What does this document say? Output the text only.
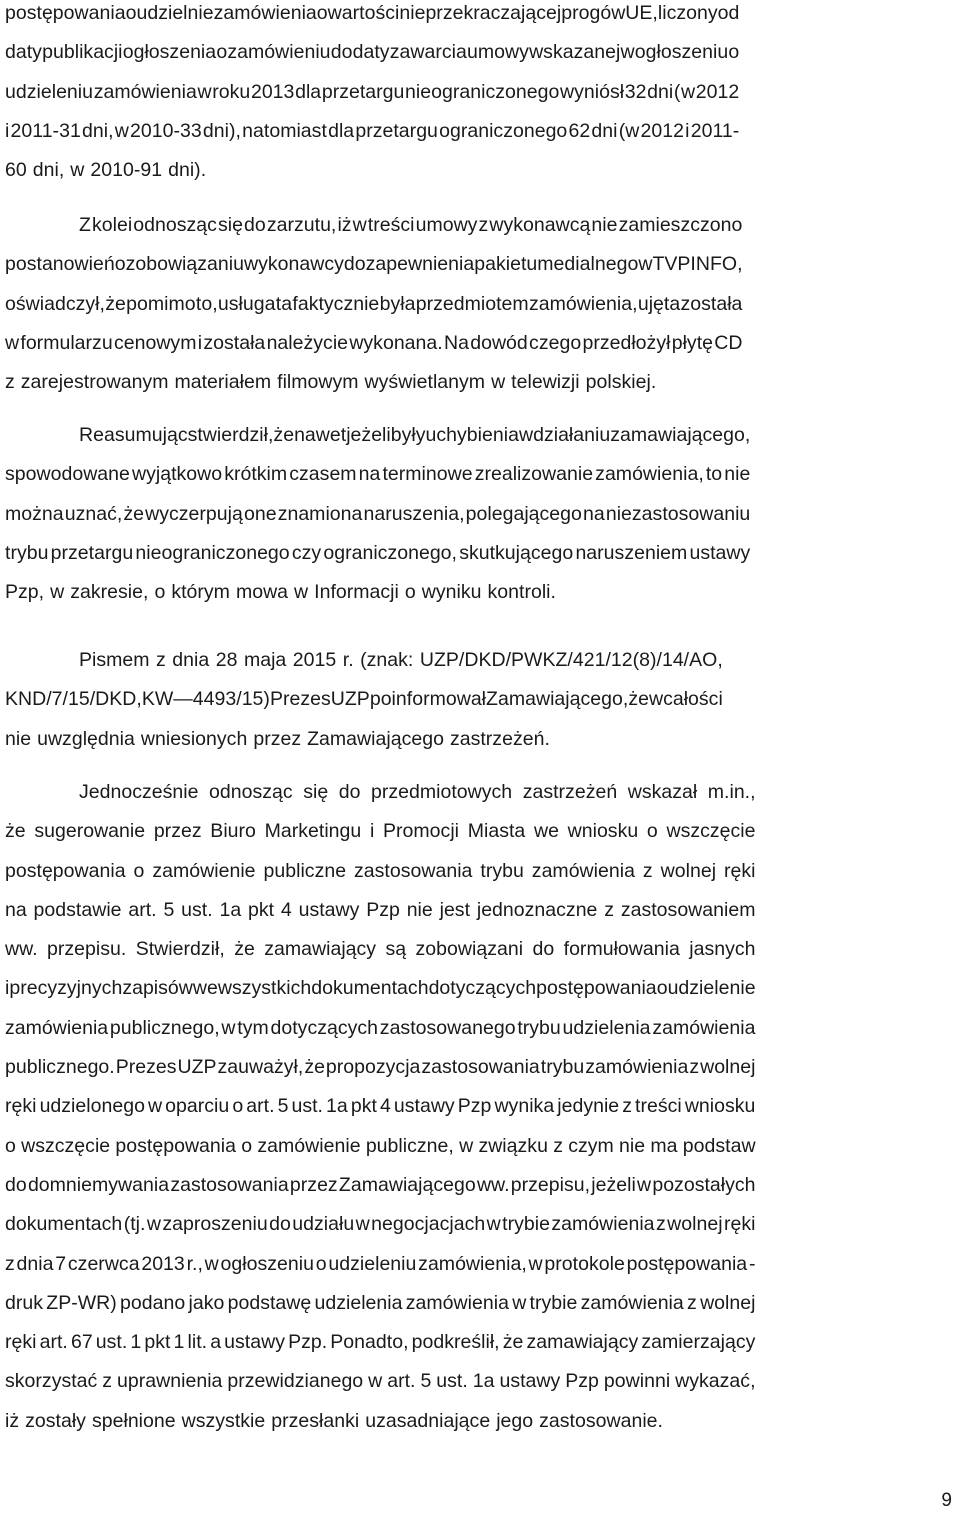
postępowania o udzielnie zamówienia o wartości nieprzekraczającej progów UE, liczony od
daty publikacji ogłoszenia o zamówieniu do daty zawarcia umowy wskazanej w ogłoszeniu o
udzieleniu zamówienia w roku 2013 dla przetargu nieograniczonego wyniósł 32 dni ( w 2012
i 2011-31 dni, w 2010-33 dni), natomiast dla przetargu ograniczonego 62 dni (w 2012 i 2011-
60 dni, w 2010-91 dni).
Z kolei odnosząc się do zarzutu, iż w treści umowy z wykonawcą nie zamieszczono
postanowień o zobowiązaniu wykonawcy do zapewnienia pakietu medialnego w TVP INFO,
oświadczył, że pomimo to, usługa ta faktycznie była przedmiotem zamówienia, ujęta została
w formularzu cenowym i została należycie wykonana. Na dowód czego przedłożył płytę CD
z zarejestrowanym materiałem filmowym wyświetlanym w telewizji polskiej.
Reasumując stwierdził, że nawet jeżeli były uchybienia w działaniu zamawiającego,
spowodowane wyjątkowo krótkim czasem na terminowe zrealizowanie zamówienia, to nie
można uznać, że wyczerpują one znamiona naruszenia, polegającego na niezastosowaniu
trybu przetargu nieograniczonego czy ograniczonego, skutkującego naruszeniem ustawy
Pzp, w zakresie, o którym mowa w Informacji o wyniku kontroli.
Pismem z dnia 28 maja 2015 r. (znak: UZP/DKD/PWKZ/421/12(8)/14/AO,
KND/7/15/DKD, KW — 4493/15) Prezes UZP poinformował Zamawiającego, że w całości
nie uwzględnia wniesionych przez Zamawiającego zastrzeżeń.
Jednocześnie odnosząc się do przedmiotowych zastrzeżeń wskazał m.in.,
że sugerowanie przez Biuro Marketingu i Promocji Miasta we wniosku o wszczęcie
postępowania o zamówienie publiczne zastosowania trybu zamówienia z wolnej ręki
na podstawie art. 5 ust. 1a pkt 4 ustawy Pzp nie jest jednoznaczne z zastosowaniem
ww. przepisu. Stwierdził, że zamawiający są zobowiązani do formułowania jasnych
i precyzyjnych zapisów we wszystkich dokumentach dotyczących postępowania o udzielenie
zamówienia publicznego, w tym dotyczących zastosowanego trybu udzielenia zamówienia
publicznego. Prezes UZP zauważył, że propozycja zastosowania trybu zamówienia z wolnej
ręki udzielonego w oparciu o art. 5 ust. 1a pkt 4 ustawy Pzp wynika jedynie z treści wniosku
o wszczęcie postępowania o zamówienie publiczne, w związku z czym nie ma podstaw
do domniemywania zastosowania przez Zamawiającego ww. przepisu, jeżeli w pozostałych
dokumentach (tj. w zaproszeniu do udziału w negocjacjach w trybie zamówienia z wolnej ręki
z dnia 7 czerwca 2013 r., w ogłoszeniu o udzieleniu zamówienia, w protokole postępowania -
druk ZP-WR) podano jako podstawę udzielenia zamówienia w trybie zamówienia z wolnej
ręki art. 67 ust. 1 pkt 1 lit. a ustawy Pzp. Ponadto, podkreślił, że zamawiający zamierzający
skorzystać z uprawnienia przewidzianego w art. 5 ust. 1a ustawy Pzp powinni wykazać,
iż zostały spełnione wszystkie przesłanki uzasadniające jego zastosowanie.
9
